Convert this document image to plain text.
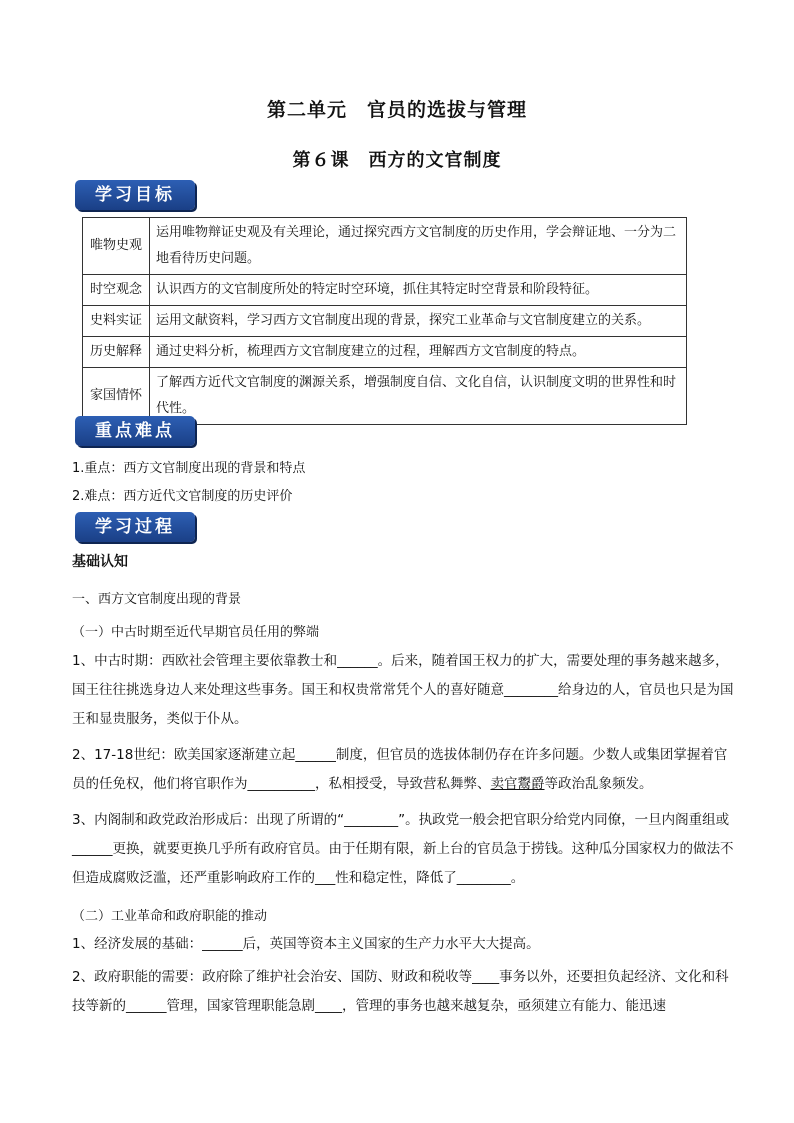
第二单元　官员的选拔与管理
第６课　西方的文官制度
学习目标
唯物史观	运用唯物辩证史观及有关理论，通过探究西方文官制度的历史作用，学会辩证地、一分为二地看待历史问题。
时空观念	认识西方的文官制度所处的特定时空环境，抓住其特定时空背景和阶段特征。
史料实证	运用文献资料，学习西方文官制度出现的背景，探究工业革命与文官制度建立的关系。
历史解释	通过史料分析，梳理西方文官制度建立的过程，理解西方文官制度的特点。
家国情怀	了解西方近代文官制度的渊源关系，增强制度自信、文化自信，认识制度文明的世界性和时代性。
重点难点
1.重点：西方文官制度出现的背景和特点
2.难点：西方近代文官制度的历史评价
学习过程
基础认知
一、西方文官制度出现的背景
（一）中古时期至近代早期官员任用的弊端
1、中古时期：西欧社会管理主要依靠教士和______。后来，随着国王权力的扩大，需要处理的事务越来越多，国王往往挑选身边人来处理这些事务。国王和权贵常常凭个人的喜好随意________给身边的人，官员也只是为国王和显贵服务，类似于仆从。
2、17-18世纪：欧美国家逐渐建立起______制度，但官员的选拔体制仍存在许多问题。少数人或集团掌握着官员的任免权，他们将官职作为__________，私相授受，导致营私舞弊、卖官鬻爵等政治乱象频发。
3、内阁制和政党政治形成后：出现了所谓的“________”。执政党一般会把官职分给党内同僚，一旦内阁重组或______更换，就要更换几乎所有政府官员。由于任期有限，新上台的官员急于捞钱。这种瓜分国家权力的做法不但造成腐败泛滥，还严重影响政府工作的___性和稳定性，降低了________。
（二）工业革命和政府职能的推动
1、经济发展的基础：______后，英国等资本主义国家的生产力水平大大提高。
2、政府职能的需要：政府除了维护社会治安、国防、财政和税收等____事务以外，还要担负起经济、文化和科技等新的______管理，国家管理职能急剧____，管理的事务也越来越复杂，亟须建立有能力、能迅速
